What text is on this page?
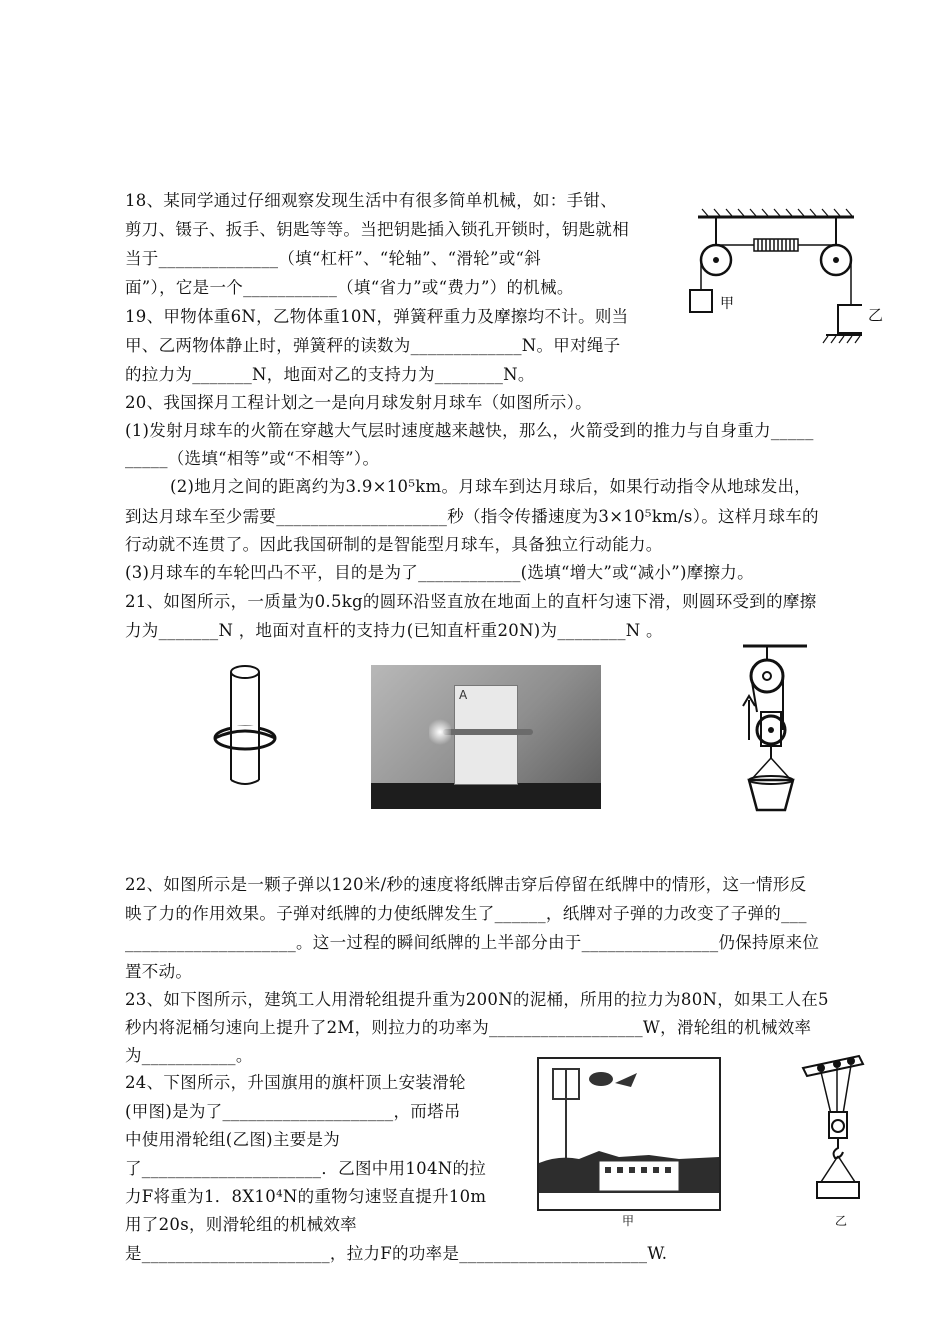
18、某同学通过仔细观察发现生活中有很多简单机械，如：手钳、
剪刀、镊子、扳手、钥匙等等。当把钥匙插入锁孔开锁时，钥匙就相
当于______________（填“杠杆”、“轮轴”、“滑轮”或“斜
面”），它是一个___________（填“省力”或“费力”）的机械。
19、甲物体重6N，乙物体重10N，弹簧秤重力及摩擦均不计。则当
甲、乙两物体静止时，弹簧秤的读数为_____________N。甲对绳子
的拉力为_______N，地面对乙的支持力为________N。
20、我国探月工程计划之一是向月球发射月球车（如图所示）。
(1)发射月球车的火箭在穿越大气层时速度越来越快，那么，火箭受到的推力与自身重力_____
_____（选填“相等”或“不相等”）。
(2)地月之间的距离约为3.9×10⁵km。月球车到达月球后，如果行动指令从地球发出，
到达月球车至少需要____________________秒（指令传播速度为3×10⁵km/s）。这样月球车的
行动就不连贯了。因此我国研制的是智能型月球车，具备独立行动能力。
(3)月球车的车轮凹凸不平，目的是为了____________(选填“增大”或“减小”)摩擦力。
21、如图所示，一质量为0.5kg的圆环沿竖直放在地面上的直杆匀速下滑，则圆环受到的摩擦
力为_______N ，地面对直杆的支持力(已知直杆重20N)为________N 。
22、如图所示是一颗子弹以120米/秒的速度将纸牌击穿后停留在纸牌中的情形，这一情形反
映了力的作用效果。子弹对纸牌的力使纸牌发生了______，纸牌对子弹的力改变了子弹的___
____________________。这一过程的瞬间纸牌的上半部分由于________________仍保持原来位
置不动。
23、如下图所示，建筑工人用滑轮组提升重为200N的泥桶，所用的拉力为80N，如果工人在5
秒内将泥桶匀速向上提升了2M，则拉力的功率为__________________W，滑轮组的机械效率
为___________。
24、下图所示，升国旗用的旗杆顶上安装滑轮
(甲图)是为了____________________，而塔吊
中使用滑轮组(乙图)主要是为
了_____________________．乙图中用104N的拉
力F将重为1．8X10⁴N的重物匀速竖直提升10m
用了20s，则滑轮组的机械效率
是______________________，拉力F的功率是______________________W.
甲
乙
A
甲	乙
